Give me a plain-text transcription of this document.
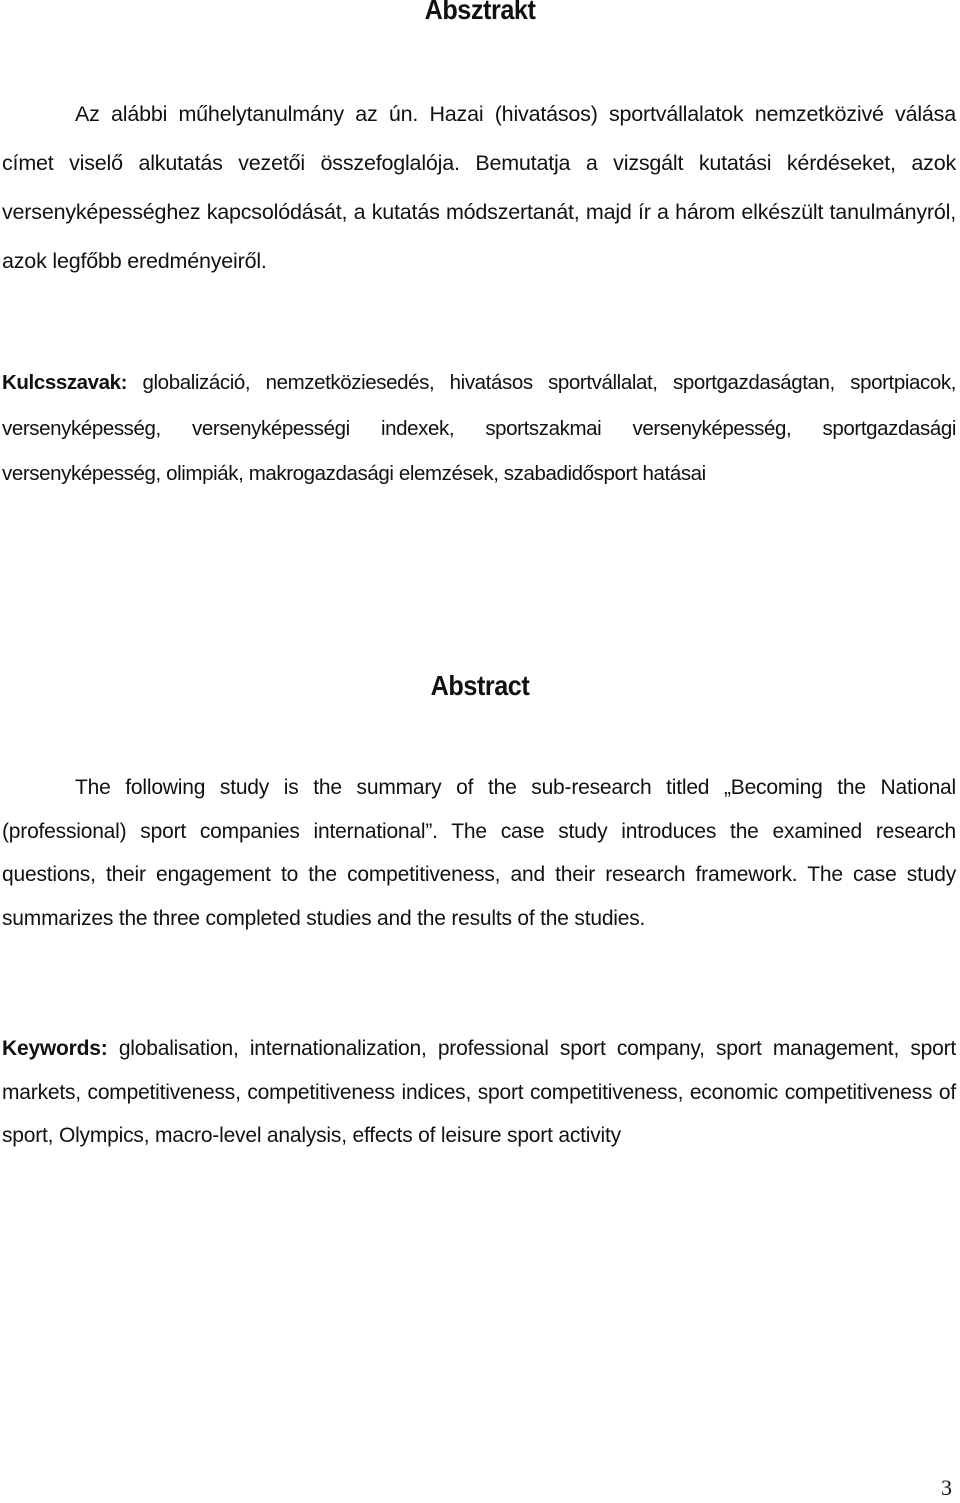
Absztrakt

Az alábbi műhelytanulmány az ún. Hazai (hivatásos) sportvállalatok nemzetközivé válása címet viselő alkutatás vezetői összefoglalója. Bemutatja a vizsgált kutatási kérdéseket, azok versenyképességhez kapcsolódását, a kutatás módszertanát, majd ír a három elkészült tanulmányról, azok legfőbb eredményeiről.

Kulcsszavak: globalizáció, nemzetköziesedés, hivatásos sportvállalat, sportgazdaságtan, sportpiacok, versenyképesség, versenyképességi indexek, sportszakmai versenyképesség, sportgazdasági versenyképesség, olimpiák, makrogazdasági elemzések, szabadidősport hatásai

Abstract

The following study is the summary of the sub-research titled „Becoming the National (professional) sport companies international”. The case study introduces the examined research questions, their engagement to the competitiveness, and their research framework. The case study summarizes the three completed studies and the results of the studies.

Keywords: globalisation, internationalization, professional sport company, sport management, sport markets, competitiveness, competitiveness indices, sport competitiveness, economic competitiveness of sport, Olympics, macro-level analysis, effects of leisure sport activity

3
